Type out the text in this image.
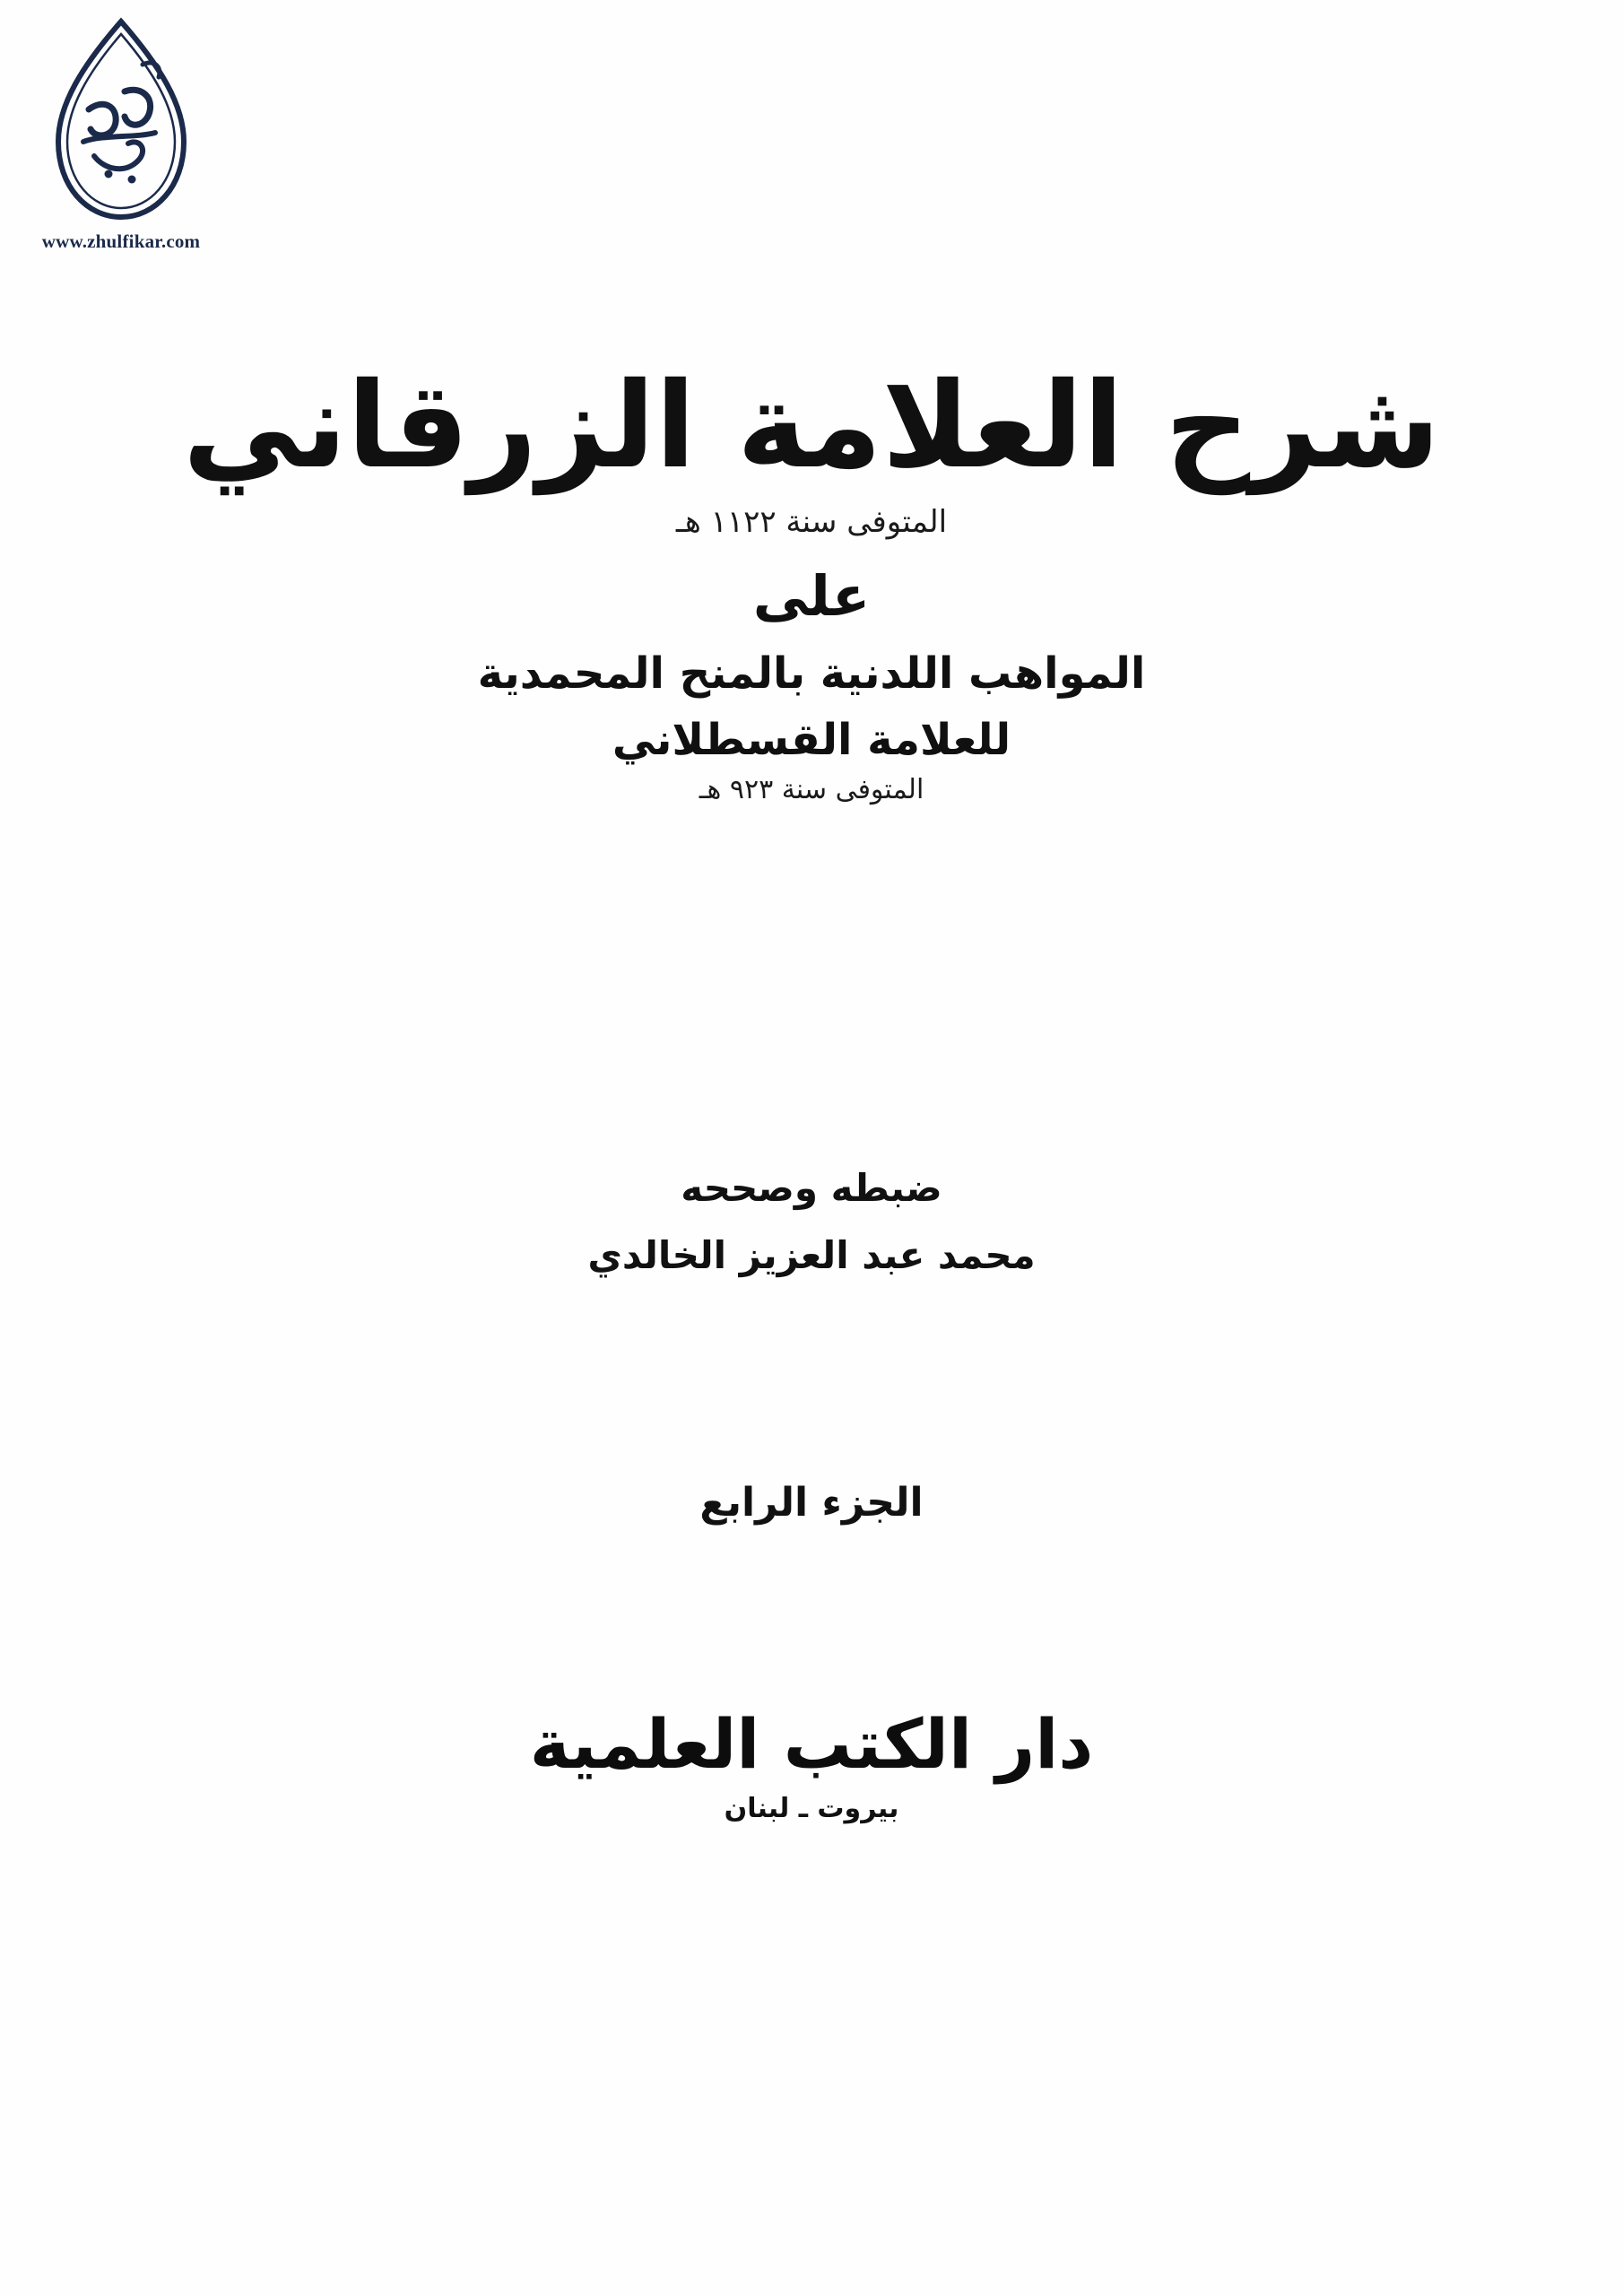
www.zhulfikar.com
شرح العلامة الزرقاني
المتوفى سنة ١١٢٢ هـ
على
المواهب اللدنية بالمنح المحمدية
للعلامة القسطلاني
المتوفى سنة ٩٢٣ هـ
ضبطه وصححه
محمد عبد العزيز الخالدي
الجزء الرابع
دار الكتب العلمية
بيروت ـ لبنان
